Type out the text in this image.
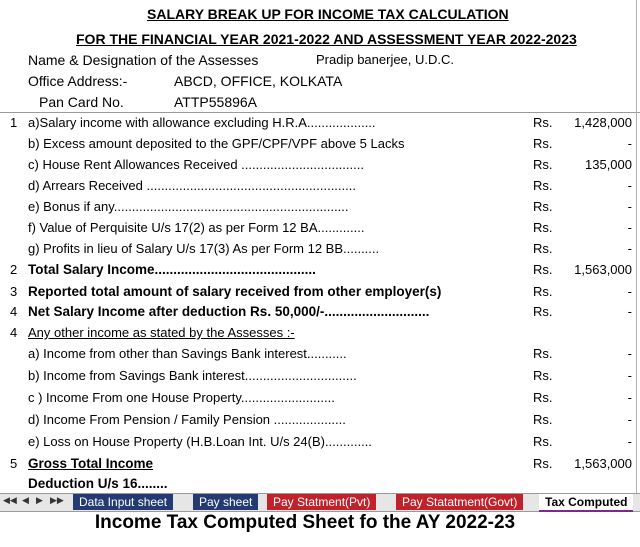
SALARY BREAK UP FOR INCOME TAX CALCULATION
FOR THE FINANCIAL YEAR 2021-2022 AND ASSESSMENT YEAR 2022-2023
Name & Designation of the Assesses	Pradip banerjee, U.D.C.
Office Address:-	ABCD, OFFICE, KOLKATA
Pan Card No.	ATTP55896A
1 a)Salary income with allowance excluding H.R.A...................	Rs. 1,428,000
b) Excess amount deposited to the GPF/CPF/VPF above 5 Lacks	Rs.	-
c) House Rent Allowances Received ..................................	Rs.	135,000
d) Arrears Received ..........................................................	Rs.	-
e) Bonus if any.................................................................	Rs.	-
f) Value of Perquisite U/s 17(2) as per Form 12 BA.............	Rs.	-
g) Profits in lieu of Salary U/s 17(3) As per Form 12 BB..........	Rs.	-
2 Total Salary Income...........................................	Rs. 1,563,000
3 Reported total amount of salary received from other employer(s)	Rs.	-
4 Net Salary Income after deduction Rs. 50,000/-............................	Rs.	-
4 Any other income as stated by the Assesses :-
a) Income from other than Savings Bank interest...........	Rs.	-
b) Income from Savings Bank interest...............................	Rs.	-
c ) Income From one House Property..........................	Rs.	-
d) Income From Pension / Family Pension ....................	Rs.	-
e) Loss on House Property (H.B.Loan Int. U/s 24(B).............	Rs.	-
5 Gross Total Income	Rs. 1,563,000
Deduction U/s 16........
◀◀ ◀ ▶ ▶▶	Data Input sheet	Pay sheet	Pay Statment(Pvt)	Pay Statatment(Govt)	Tax Computed
Income Tax Computed Sheet fo the AY 2022-23
